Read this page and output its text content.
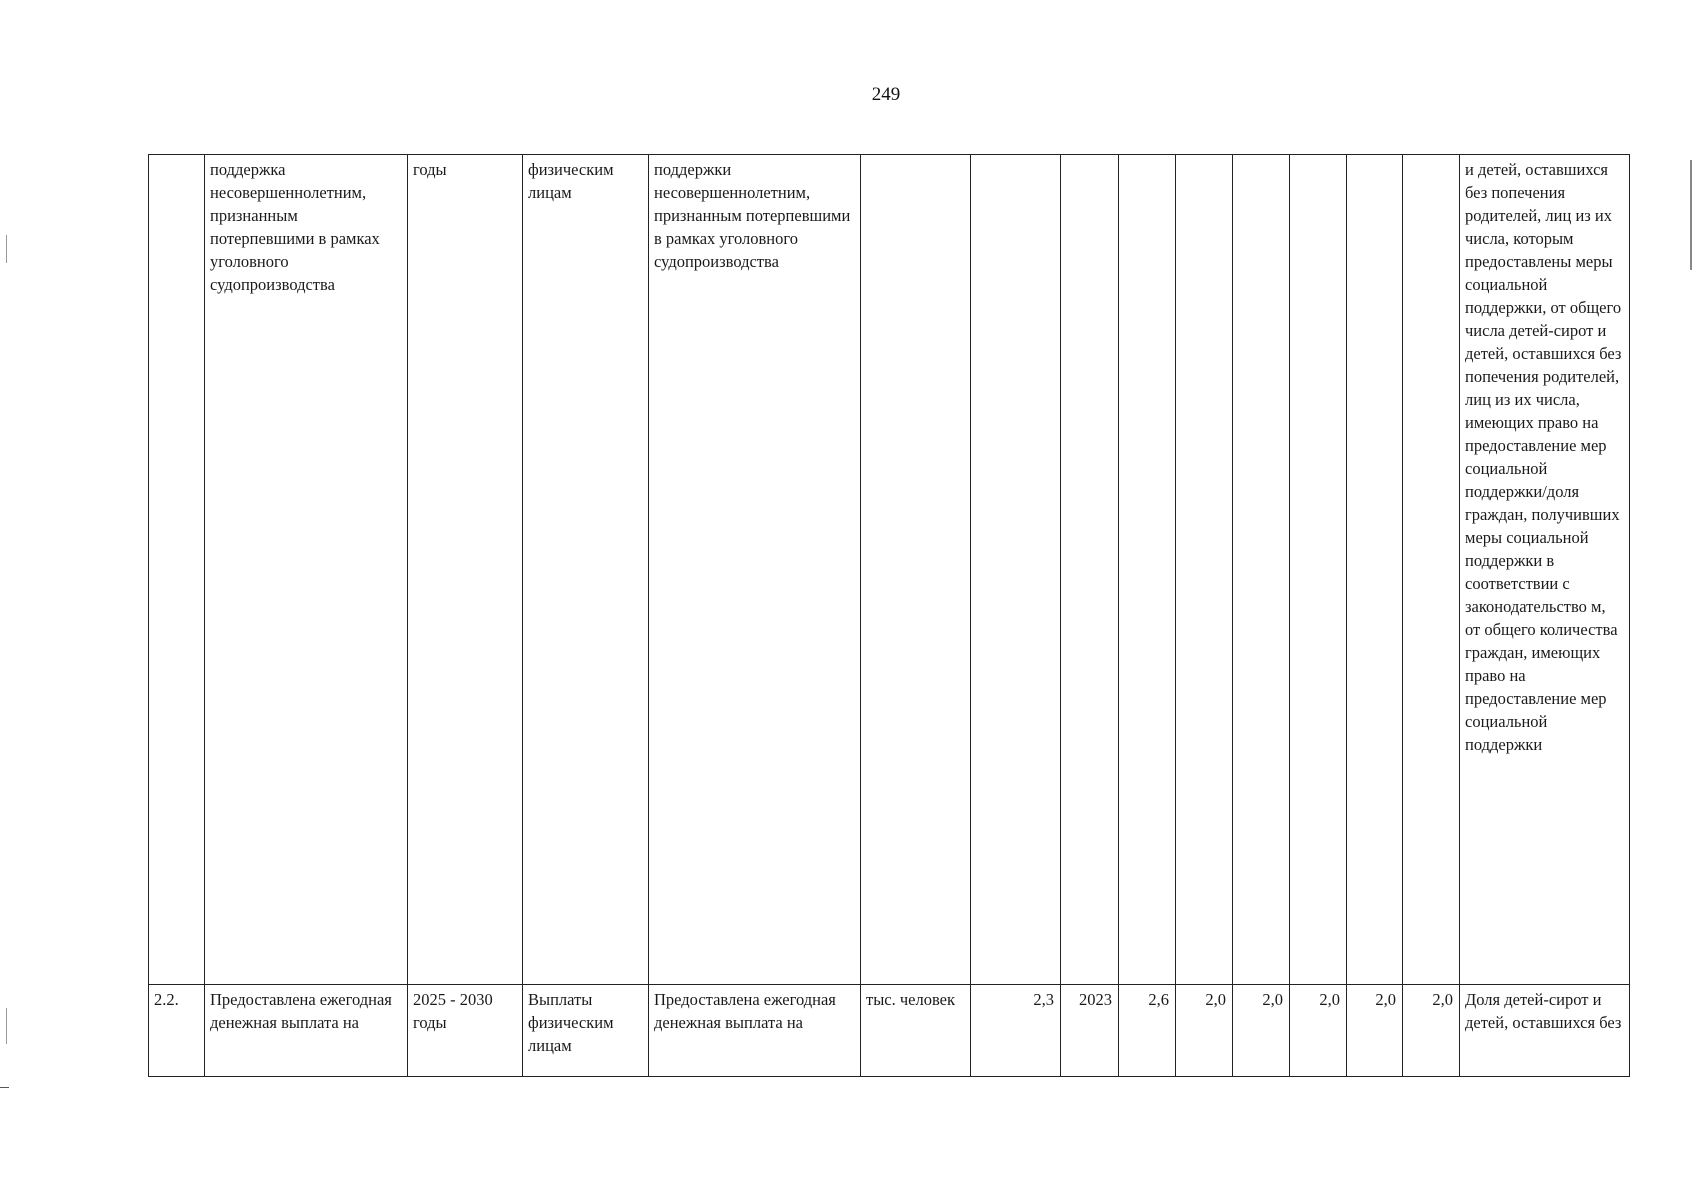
249
	поддержка несовершеннолетним, признанным потерпевшими в рамках уголовного судопроизводства	годы	физическим лицам	поддержки несовершеннолетним, признанным потерпевшими в рамках уголовного судопроизводства										и детей, оставшихся без попечения родителей, лиц из их числа, которым предоставлены меры социальной поддержки, от общего числа детей-сирот и детей, оставшихся без попечения родителей, лиц из их числа, имеющих право на предоставление мер социальной поддержки/доля граждан, получивших меры социальной поддержки в соответствии с законодательство м, от общего количества граждан, имеющих право на предоставление мер социальной поддержки
2.2.	Предоставлена ежегодная денежная выплата на	2025 - 2030 годы	Выплаты физическим лицам	Предоставлена ежегодная денежная выплата на	тыс. человек	2,3	2023	2,6	2,0	2,0	2,0	2,0	2,0	Доля детей-сирот и детей, оставшихся без
